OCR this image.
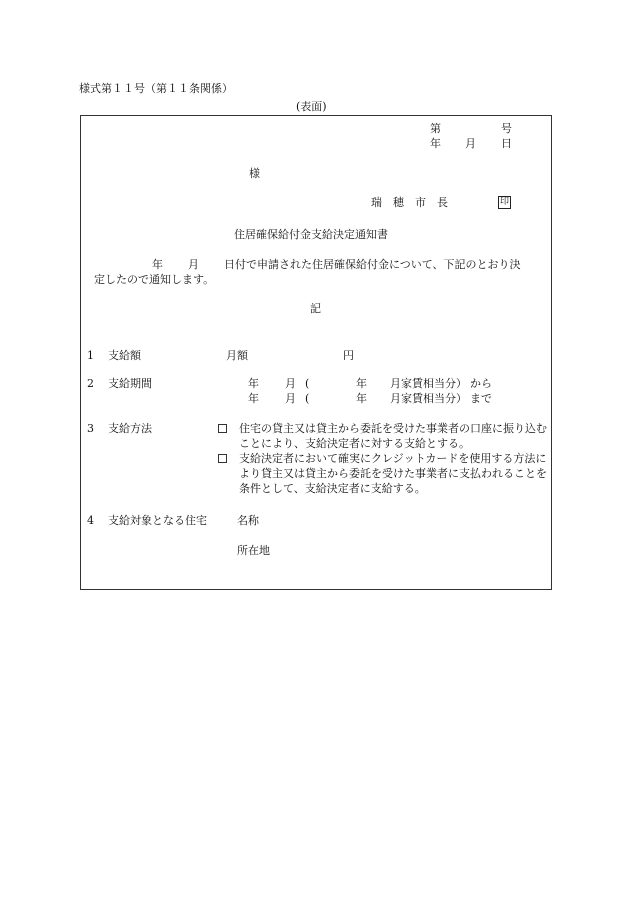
様式第１１号（第１１条関係）
(表面)
第	号
年 月 日
様
瑞　穂　市　長	印
住居確保給付金支給決定通知書
年 月 日付で申請された住居確保給付金について、下記のとおり決
定したので通知します。
記
1 支給額	月額	円
2 支給期間	年 月 (	年 月家賃相当分） から
年 月 (	年 月家賃相当分） まで
3 支給方法	住宅の貸主又は貸主から委託を受けた事業者の口座に振り込むことにより、支給決定者に対する支給とする。
支給決定者において確実にクレジットカードを使用する方法により貸主又は貸主から委託を受けた事業者に支払われることを条件として、支給決定者に支給する。
4 支給対象となる住宅	名称
所在地
